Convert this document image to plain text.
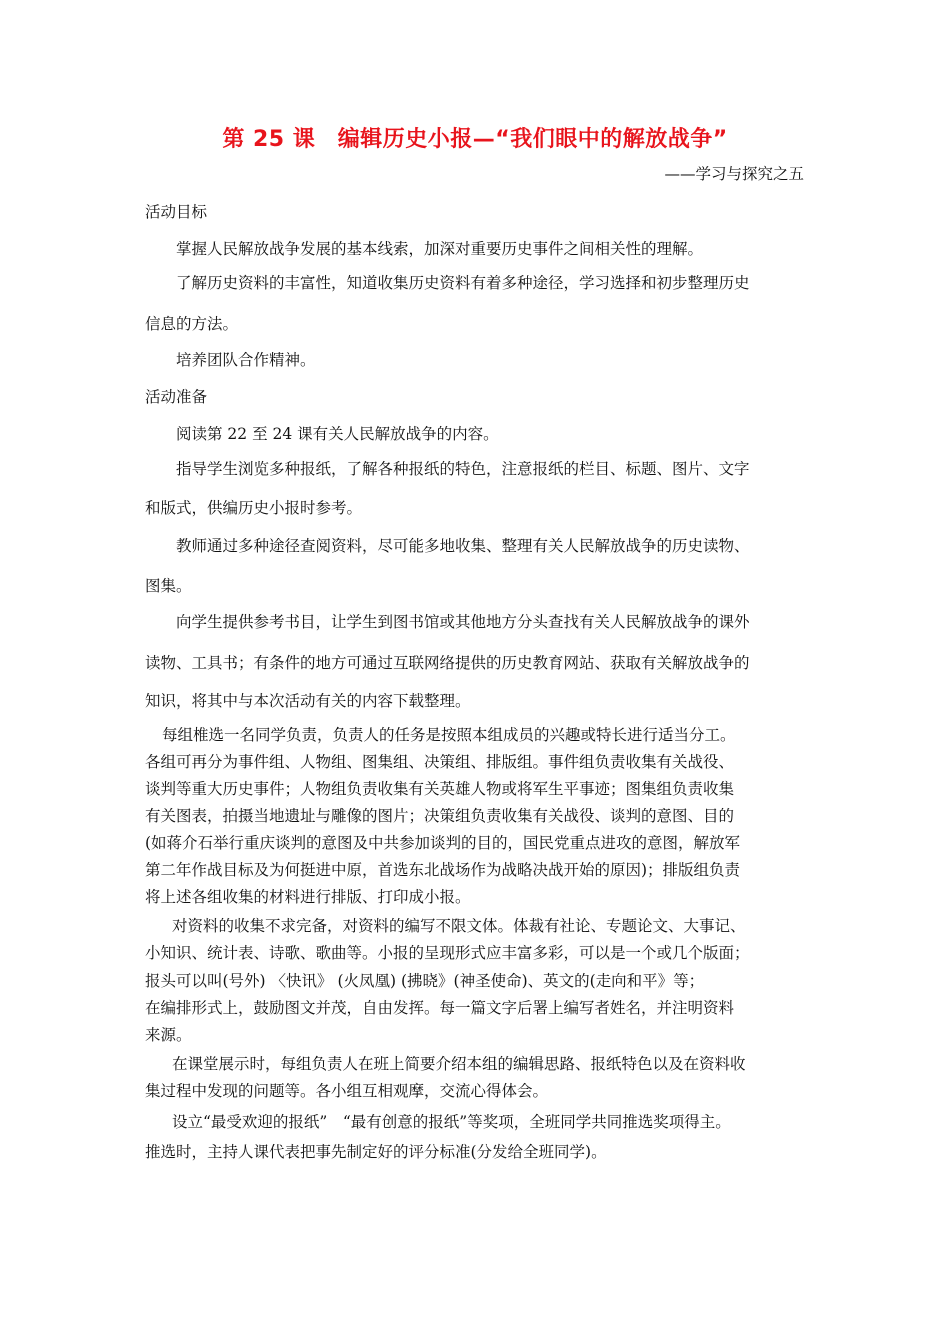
第 25 课　编辑历史小报—“我们眼中的解放战争”
——学习与探究之五
活动目标
掌握人民解放战争发展的基本线索，加深对重要历史事件之间相关性的理解。
了解历史资料的丰富性，知道收集历史资料有着多种途径，学习选择和初步整理历史
信息的方法。
培养团队合作精神。
活动准备
阅读第 22 至 24 课有关人民解放战争的内容。
指导学生浏览多种报纸，了解各种报纸的特色，注意报纸的栏目、标题、图片、文字
和版式，供编历史小报时参考。
教师通过多种途径查阅资料，尽可能多地收集、整理有关人民解放战争的历史读物、
图集。
向学生提供参考书目，让学生到图书馆或其他地方分头查找有关人民解放战争的课外
读物、工具书；有条件的地方可通过互联网络提供的历史教育网站、获取有关解放战争的
知识，将其中与本次活动有关的内容下载整理。
每组椎选一名同学负责，负责人的任务是按照本组成员的兴趣或特长进行适当分工。
各组可再分为事件组、人物组、图集组、决策组、排版组。事件组负责收集有关战役、
谈判等重大历史事件；人物组负责收集有关英雄人物或将军生平事迹；图集组负责收集
有关图表，拍摄当地遗址与雕像的图片；决策组负责收集有关战役、谈判的意图、目的
(如蒋介石举行重庆谈判的意图及中共参加谈判的目的，国民党重点进攻的意图，解放军
第二年作战目标及为何挺进中原，首选东北战场作为战略决战开始的原因)；排版组负责
将上述各组收集的材料进行排版、打印成小报。
对资料的收集不求完备，对资料的编写不限文体。体裁有社论、专题论文、大事记、
小知识、统计表、诗歌、歌曲等。小报的呈现形式应丰富多彩，可以是一个或几个版面；
报头可以叫(号外) 〈快讯》 (火凤凰) (拂晓》(神圣使命)、英文的(走向和平》等；
在编排形式上，鼓励图文并茂，自由发挥。每一篇文字后署上编写者姓名，并注明资料
来源。
在课堂展示时，每组负责人在班上简要介绍本组的编辑思路、报纸特色以及在资料收
集过程中发现的问题等。各小组互相观摩，交流心得体会。
设立“最受欢迎的报纸”　“最有创意的报纸”等奖项，全班同学共同推选奖项得主。
推选时，主持人课代表把事先制定好的评分标准(分发给全班同学)。
